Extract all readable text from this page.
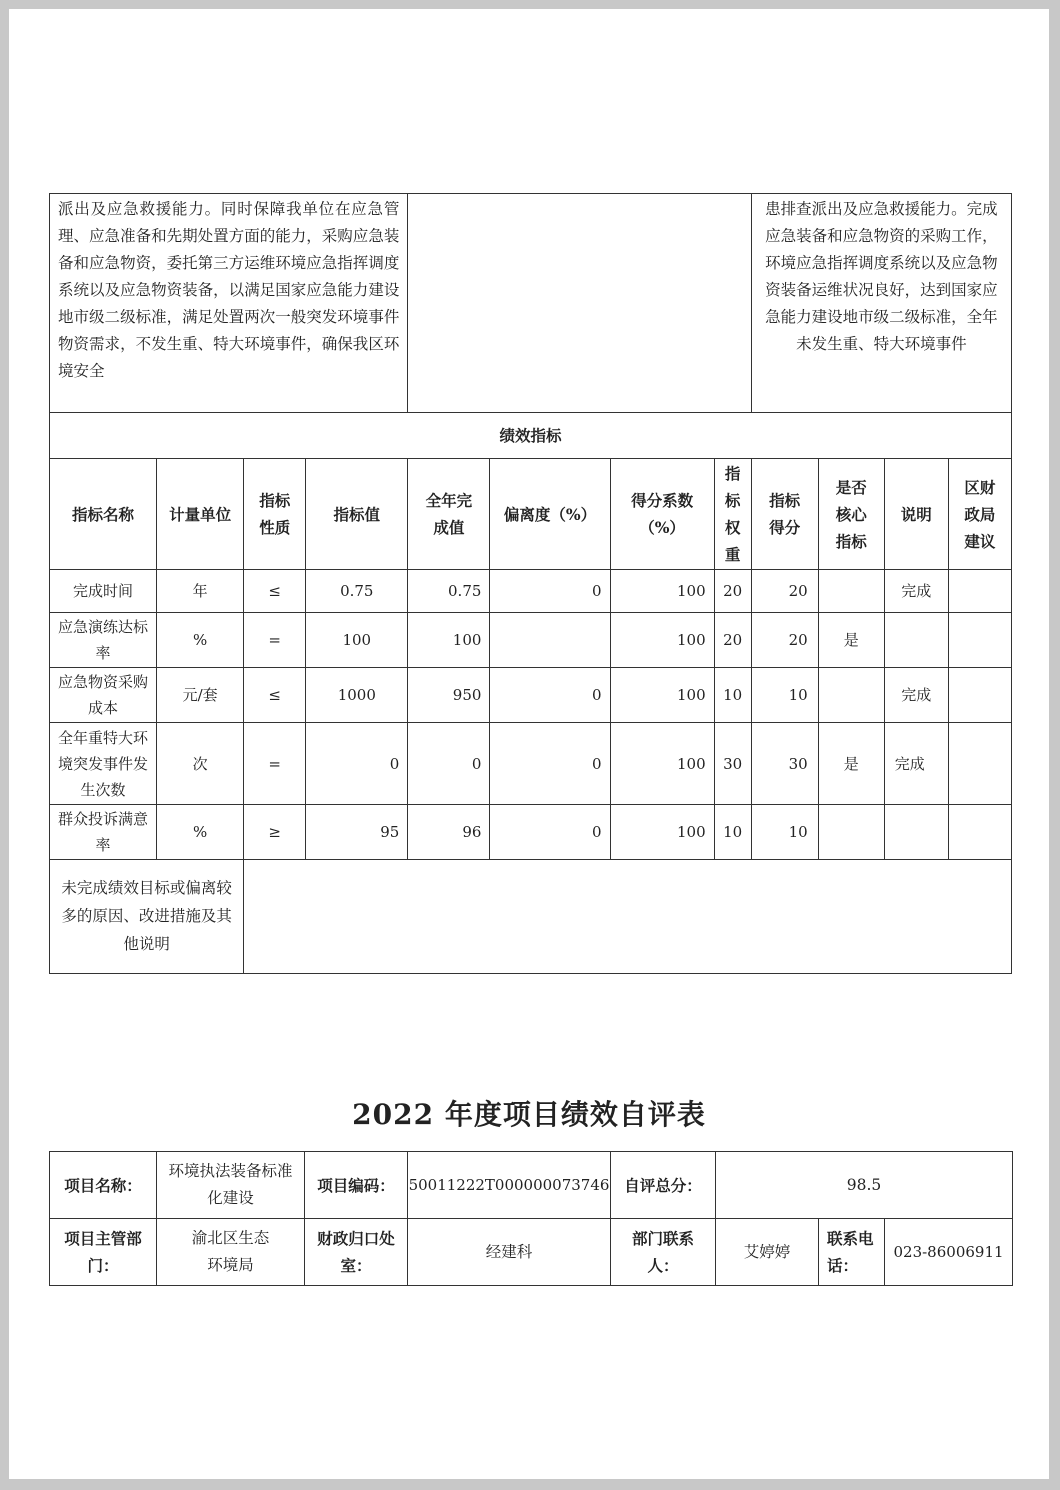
派出及应急救援能力。同时保障我单位在应急管理、应急准备和先期处置方面的能力，采购应急装备和应急物资，委托第三方运维环境应急指挥调度系统以及应急物资装备，以满足国家应急能力建设地市级二级标准，满足处置两次一般突发环境事件物资需求，不发生重、特大环境事件，确保我区环境安全								患排查派出及应急救援能力。完成应急装备和应急物资的采购工作，环境应急指挥调度系统以及应急物资装备运维状况良好，达到国家应急能力建设地市级二级标准，全年未发生重、特大环境事件			
绩效指标											
指标名称	计量单位	指标性质	指标值	全年完成值	偏离度（%）	得分系数（%）	指标权重	指标得分	是否核心指标	说明	区财政局建议
完成时间	年	≤	0.75	0.75	0	100	20	20		完成	
应急演练达标率	%	=	100	100		100	20	20	是		
应急物资采购成本	元/套	≤	1000	950	0	100	10	10		完成	
全年重特大环境突发事件发生次数	次	=	0	0	0	100	30	30	是	完成	
群众投诉满意率	%	≥	95	96	0	100	10	10			
未完成绩效目标或偏离较多的原因、改进措施及其他说明											
2022 年度项目绩效自评表
项目名称：	环境执法装备标准化建设	项目编码：	50011222T000000073746	自评总分：	98.5		
项目主管部门：	渝北区生态环境局	财政归口处室：	经建科	部门联系人：	艾婷婷	联系电话：	023-86006911
